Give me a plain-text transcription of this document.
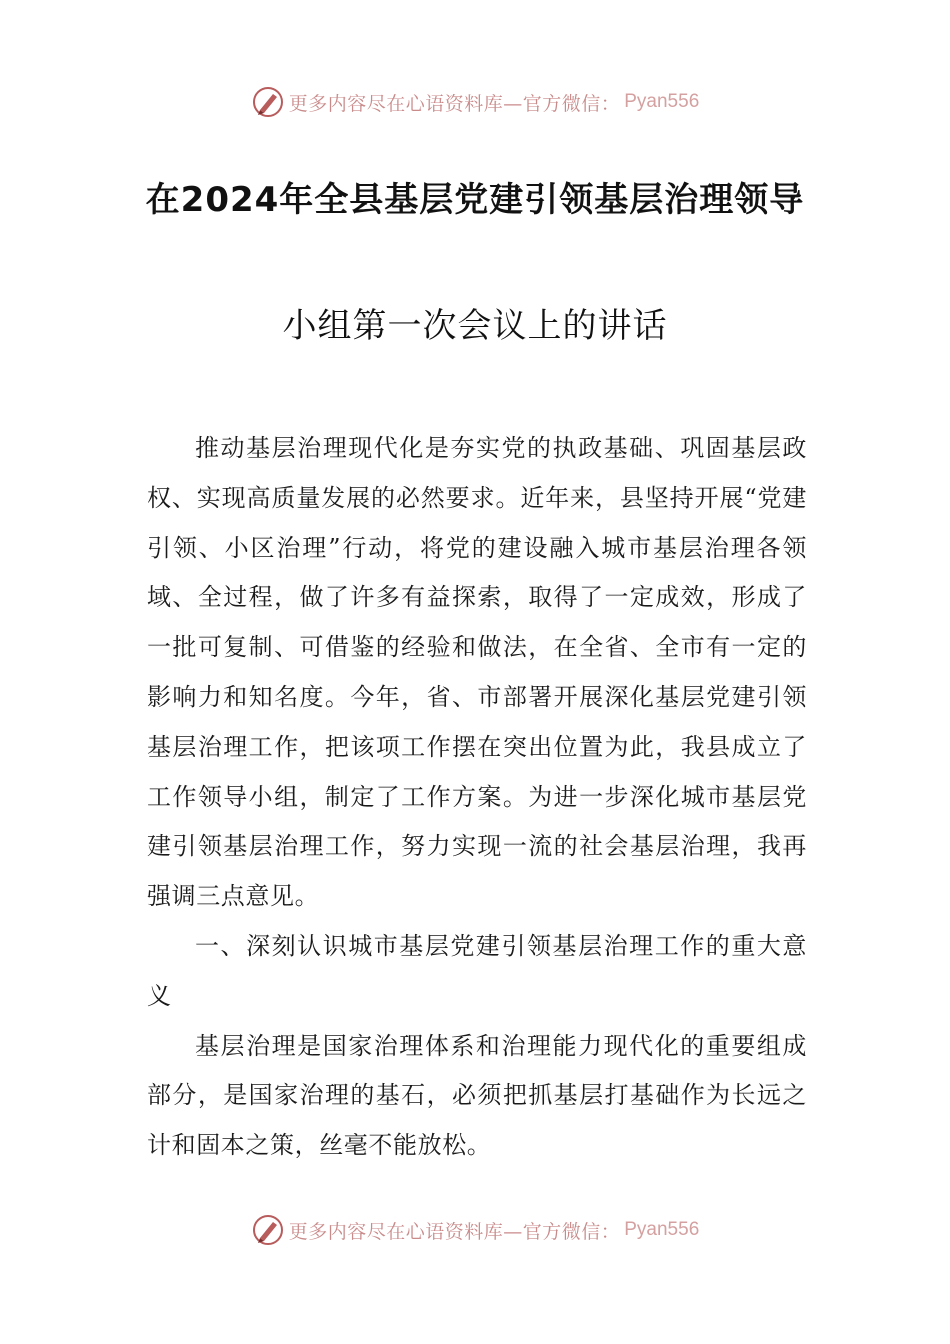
更多内容尽在心语资料库—官方微信： Pyan556
在2024年全县基层党建引领基层治理领导
小组第一次会议上的讲话

推动基层治理现代化是夯实党的执政基础、巩固基层政权、实现高质量发展的必然要求。近年来，县坚持开展“党建引领、小区治理”行动，将党的建设融入城市基层治理各领域、全过程，做了许多有益探索，取得了一定成效，形成了一批可复制、可借鉴的经验和做法，在全省、全市有一定的影响力和知名度。今年，省、市部署开展深化基层党建引领基层治理工作，把该项工作摆在突出位置为此，我县成立了工作领导小组，制定了工作方案。为进一步深化城市基层党建引领基层治理工作，努力实现一流的社会基层治理，我再强调三点意见。

一、深刻认识城市基层党建引领基层治理工作的重大意义

基层治理是国家治理体系和治理能力现代化的重要组成部分，是国家治理的基石，必须把抓基层打基础作为长远之计和固本之策，丝毫不能放松。

更多内容尽在心语资料库—官方微信： Pyan556
